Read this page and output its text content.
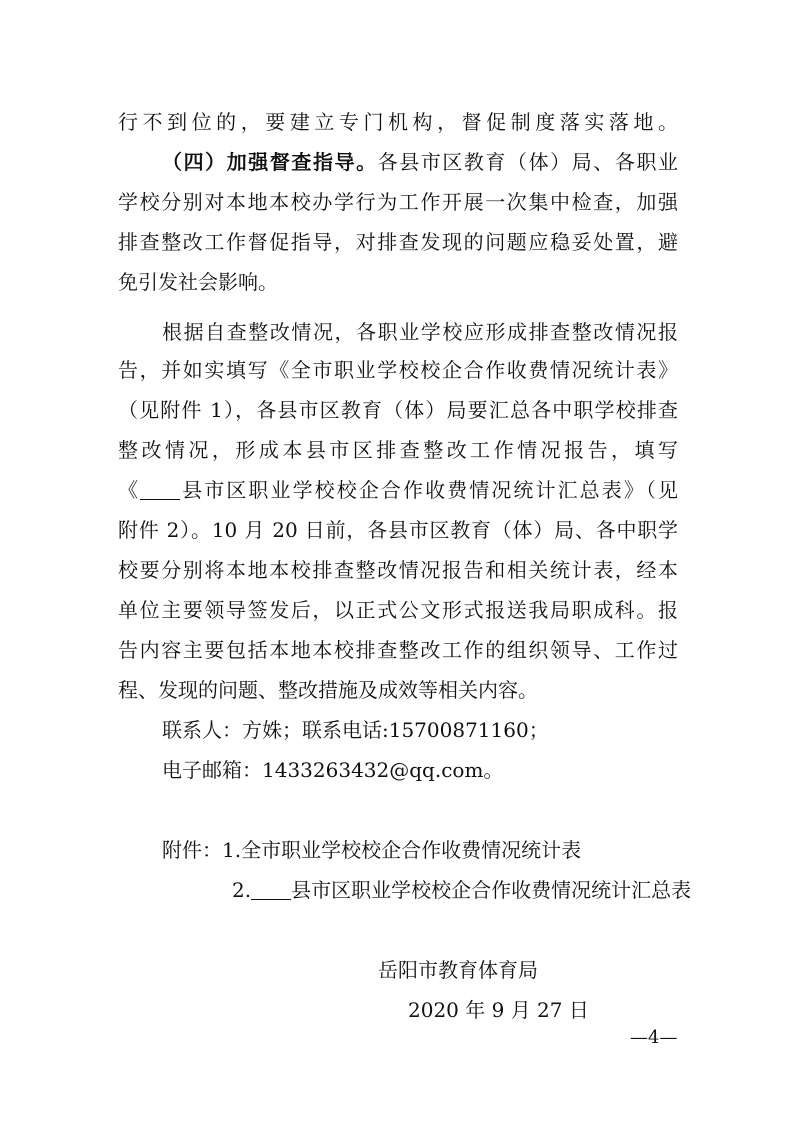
行不到位的，要建立专门机构，督促制度落实落地。
（四）加强督查指导。各县市区教育（体）局、各职业
学校分别对本地本校办学行为工作开展一次集中检查，加强
排查整改工作督促指导，对排查发现的问题应稳妥处置，避
免引发社会影响。
根据自查整改情况，各职业学校应形成排查整改情况报
告，并如实填写《全市职业学校校企合作收费情况统计表》
（见附件 1），各县市区教育（体）局要汇总各中职学校排查
整改情况，形成本县市区排查整改工作情况报告，填写
《 县市区职业学校校企合作收费情况统计汇总表》（见
附件 2）。10 月 20 日前，各县市区教育（体）局、各中职学
校要分别将本地本校排查整改情况报告和相关统计表，经本
单位主要领导签发后，以正式公文形式报送我局职成科。报
告内容主要包括本地本校排查整改工作的组织领导、工作过
程、发现的问题、整改措施及成效等相关内容。
联系人：方姝；联系电话:15700871160；
电子邮箱：1433263432@qq.com。
附件：1.全市职业学校校企合作收费情况统计表
2. 县市区职业学校校企合作收费情况统计汇总表
岳阳市教育体育局
2020 年 9 月 27 日
—4—
